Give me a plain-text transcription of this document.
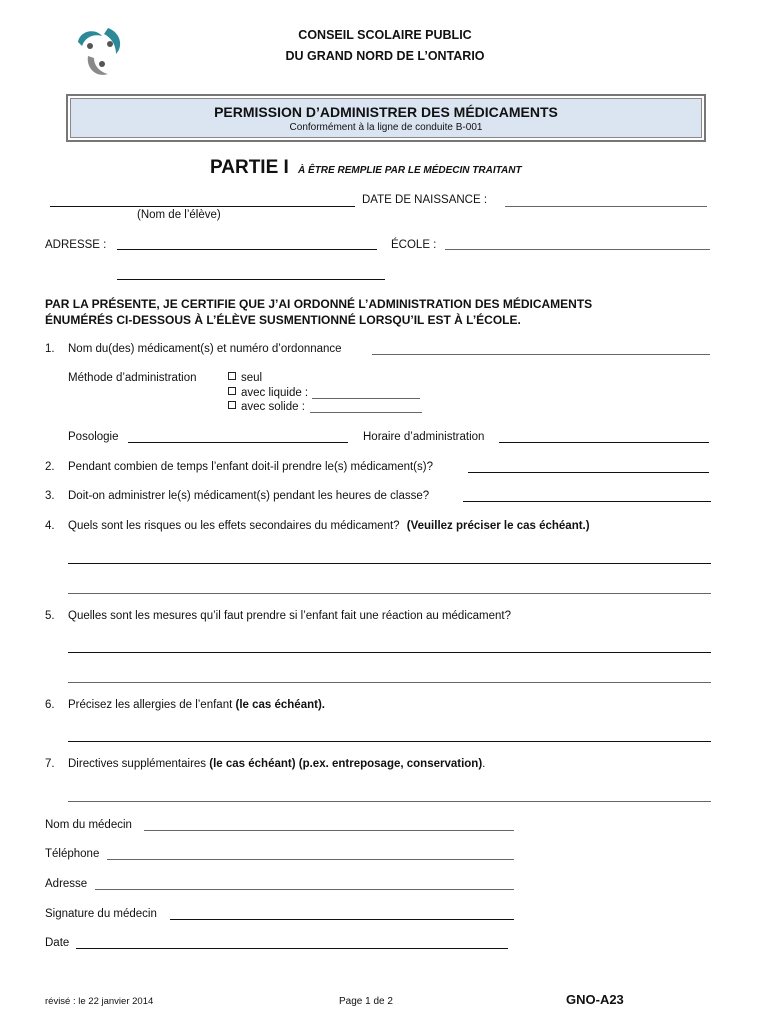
CONSEIL SCOLAIRE PUBLIC
DU GRAND NORD DE L’ONTARIO
PERMISSION D’ADMINISTRER DES MÉDICAMENTS
Conformément à la ligne de conduite B-001
PARTIE I À ÊTRE REMPLIE PAR LE MÉDECIN TRAITANT
DATE DE NAISSANCE :
(Nom de l’élève)
ADRESSE :	ÉCOLE :
PAR LA PRÉSENTE, JE CERTIFIE QUE J’AI ORDONNÉ L’ADMINISTRATION DES MÉDICAMENTS
ÉNUMÉRÉS CI-DESSOUS À L’ÉLÈVE SUSMENTIONNÉ LORSQU’IL EST À L’ÉCOLE.
1. Nom du(des) médicament(s) et numéro d’ordonnance
Méthode d’administration	seul
avec liquide :
avec solide :
Posologie	Horaire d’administration
2. Pendant combien de temps l’enfant doit-il prendre le(s) médicament(s)?
3. Doit-on administrer le(s) médicament(s) pendant les heures de classe?
4. Quels sont les risques ou les effets secondaires du médicament? (Veuillez préciser le cas échéant.)
5. Quelles sont les mesures qu’il faut prendre si l’enfant fait une réaction au médicament?
6. Précisez les allergies de l’enfant (le cas échéant).
7. Directives supplémentaires (le cas échéant) (p.ex. entreposage, conservation).
Nom du médecin
Téléphone
Adresse
Signature du médecin
Date
révisé : le 22 janvier 2014	Page 1 de 2	GNO-A23
